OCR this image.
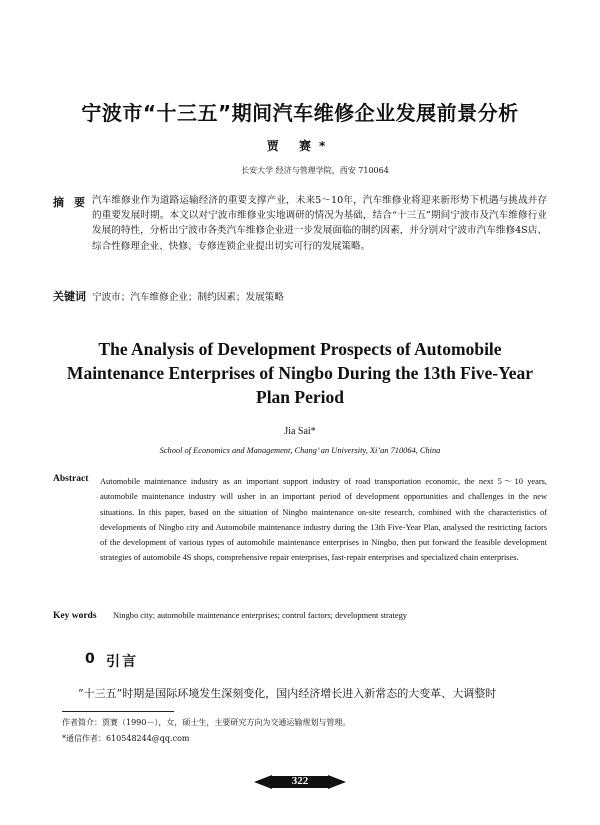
宁波市“十三五”期间汽车维修企业发展前景分析
贾 赛*
长安大学 经济与管理学院，西安 710064
摘要
汽车维修业作为道路运输经济的重要支撑产业，未来5～10年，汽车维修业将迎来新形势下机遇与挑战并存的重要发展时期。本文以对宁波市维修业实地调研的情况为基础，结合“十三五”期间宁波市及汽车维修行业发展的特性，分析出宁波市各类汽车维修企业进一步发展面临的制约因素，并分别对宁波市汽车维修4S店、综合性修理企业、快修、专修连锁企业提出切实可行的发展策略。
关键词 宁波市；汽车维修企业；制约因素；发展策略
The Analysis of Development Prospects of Automobile Maintenance Enterprises of Ningbo During the 13th Five-Year Plan Period
Jia Sai*
School of Economics and Management, Chang’ an University, Xi’an 710064, China
Abstract Automobile maintenance industry as an important support industry of road transportation economic, the next 5～10 years, automobile maintenance industry will usher in an important period of development opportunities and challenges in the new situations. In this paper, based on the situation of Ningbo maintenance on-site research, combined with the characteristics of developments of Ningbo city and Automobile maintenance industry during the 13th Five-Year Plan, analysed the restricting factors of the development of various types of automobile maintenance enterprises in Ningbo, then put forward the feasible development strategies of automobile 4S shops, comprehensive repair enterprises, fast-repair enterprises and specialized chain enterprises.
Key words Ningbo city; automobile maintenance enterprises; control factors; development strategy
0 引言
“十三五”时期是国际环境发生深刻变化，国内经济增长进入新常态的大变革、大调整时
作者简介：贾赛（1990－），女，硕士生，主要研究方向为交通运输规划与管理。
*通信作者：610548244@qq.com
322
